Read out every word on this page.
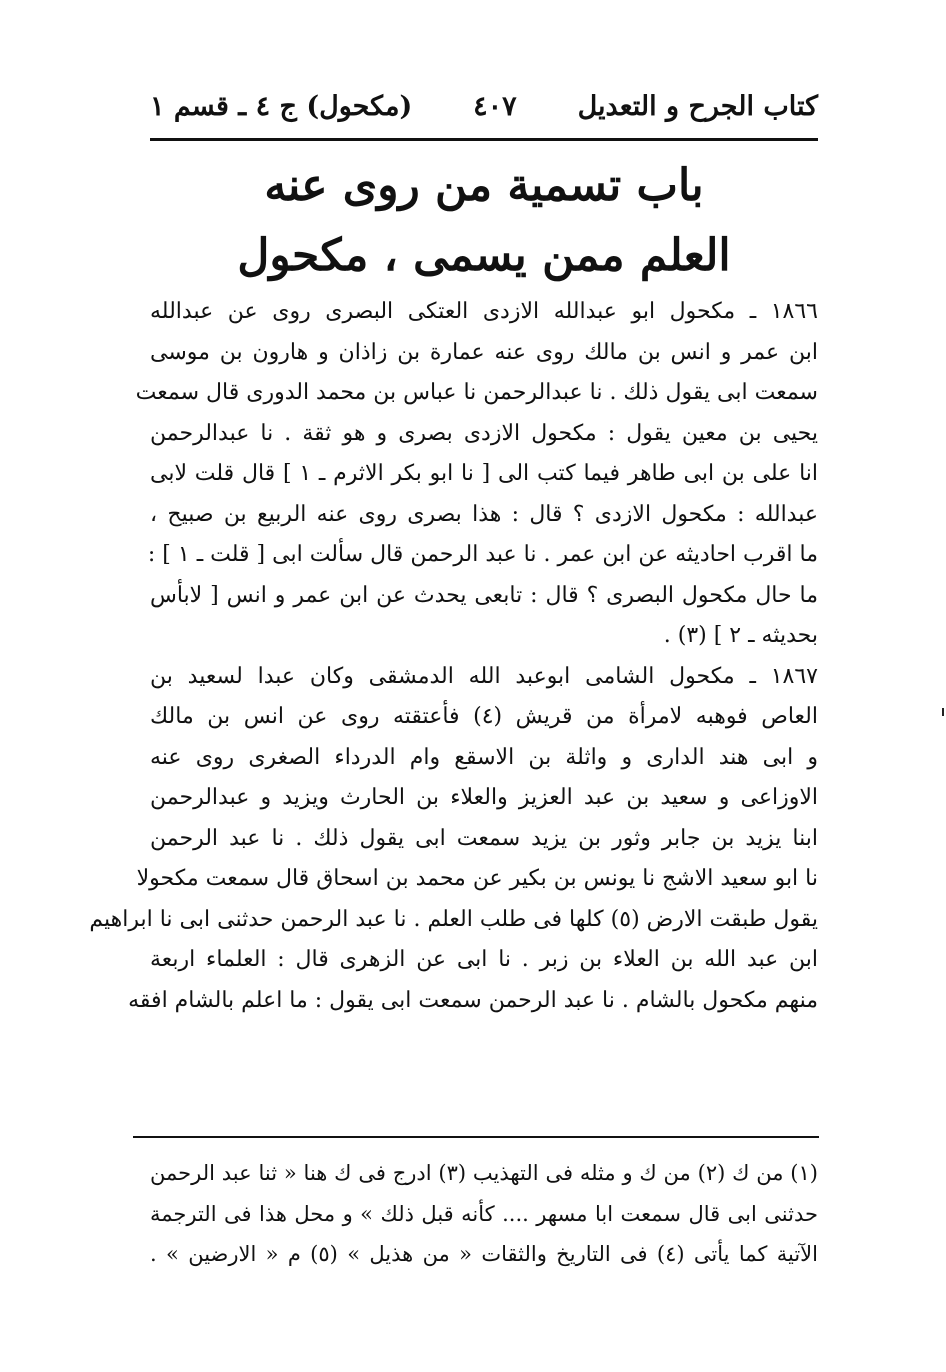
كتاب الجرح و التعديل
٤٠٧
(مكحول) ج ٤ ـ قسم ١
باب تسمية من روى عنه
العلم ممن يسمى ، مكحول
١٨٦٦ ـ مكحول ابو عبدالله الازدى العتكى البصرى روى عن عبدالله
ابن عمر و انس بن مالك روى عنه عمارة بن زاذان و هارون بن موسى
سمعت ابى يقول ذلك . نا عبدالرحمن نا عباس بن محمد الدورى قال سمعت
يحيى بن معين يقول : مكحول الازدى بصرى و هو ثقة . نا عبدالرحمن
انا على بن ابى طاهر فيما كتب الى [ نا ابو بكر الاثرم ـ ١ ] قال قلت لابى
عبدالله : مكحول الازدى ؟ قال : هذا بصرى روى عنه الربيع بن صبيح ،
ما اقرب احاديثه عن ابن عمر . نا عبد الرحمن قال سألت ابى [ قلت ـ ١ ] :
ما حال مكحول البصرى ؟ قال : تابعى يحدث عن ابن عمر و انس [ لابأس
بحديثه ـ ٢ ] (٣) .
١٨٦٧ ـ مكحول الشامى ابوعبد الله الدمشقى وكان عبدا لسعيد بن
العاص فوهبه لامرأة من قريش (٤) فأعتقته روى عن انس بن مالك
و ابى هند الدارى و واثلة بن الاسقع وام الدرداء الصغرى روى عنه
الاوزاعى و سعيد بن عبد العزيز والعلاء بن الحارث ويزيد و عبدالرحمن
ابنا يزيد بن جابر وثور بن يزيد سمعت ابى يقول ذلك . نا عبد الرحمن
نا ابو سعيد الاشج نا يونس بن بكير عن محمد بن اسحاق قال سمعت مكحولا
يقول طبقت الارض (٥) كلها فى طلب العلم . نا عبد الرحمن حدثنى ابى نا ابراهيم
ابن عبد الله بن العلاء بن زبر . نا ابى عن الزهرى قال : العلماء اربعة
منهم مكحول بالشام . نا عبد الرحمن سمعت ابى يقول : ما اعلم بالشام افقه
(١) من ك (٢) من ك و مثله فى التهذيب (٣) ادرج فى ك هنا « ثنا عبد الرحمن
حدثنى ابى قال سمعت ابا مسهر .... كأنه قبل ذلك » و محل هذا فى الترجمة
الآتية كما يأتى (٤) فى التاريخ والثقات « من هذيل » (٥) م « الارضين » .
